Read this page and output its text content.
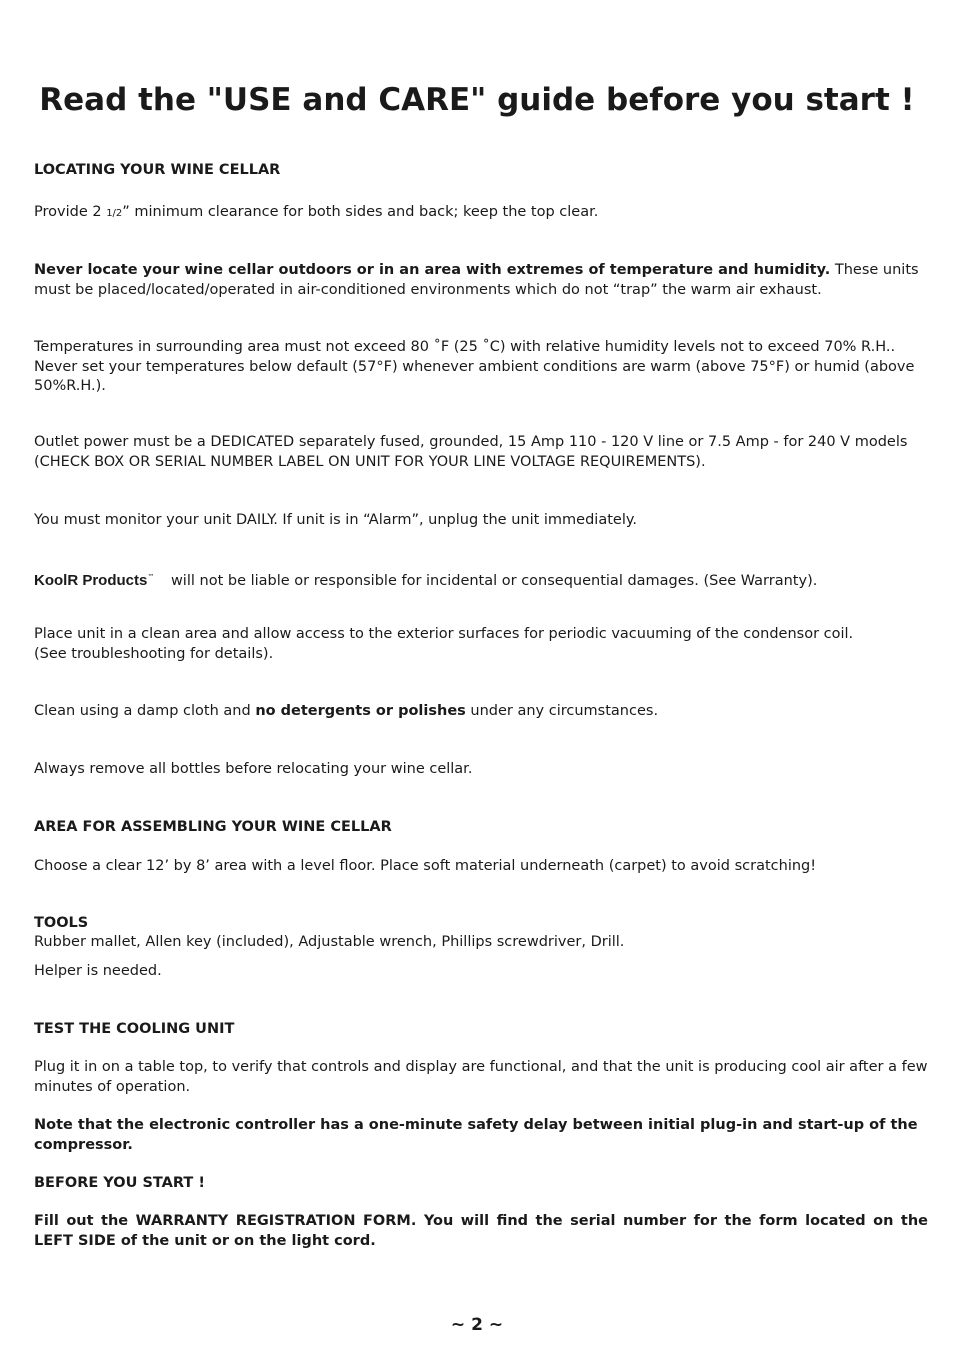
Read the "USE and CARE" guide before you start !

LOCATING YOUR WINE CELLAR

Provide 2 1/2” minimum clearance for both sides and back; keep the top clear.

Never locate your wine cellar outdoors or in an area with extremes of temperature and humidity. These units must be placed/located/operated in air-conditioned environments which do not “trap” the warm air exhaust.

Temperatures in surrounding area must not exceed 80 ˚F (25 ˚C) with relative humidity levels not to exceed 70% R.H..
Never set your temperatures below default (57°F) whenever ambient conditions are warm (above 75°F) or humid (above 50%R.H.).

Outlet power must be a DEDICATED separately fused, grounded, 15 Amp 110 - 120 V line or 7.5 Amp - for 240 V models (CHECK BOX OR SERIAL NUMBER LABEL ON UNIT FOR YOUR LINE VOLTAGE REQUIREMENTS).

You must monitor your unit DAILY. If unit is in “Alarm”, unplug the unit immediately.

KoolR Products™ will not be liable or responsible for incidental or consequential damages. (See Warranty).

Place unit in a clean area and allow access to the exterior surfaces for periodic vacuuming of the condensor coil.
(See troubleshooting for details).

Clean using a damp cloth and no detergents or polishes under any circumstances.

Always remove all bottles before relocating your wine cellar.

AREA FOR ASSEMBLING YOUR WINE CELLAR

Choose a clear 12’ by 8’ area with a level floor. Place soft material underneath (carpet) to avoid scratching!

TOOLS

Rubber mallet, Allen key (included), Adjustable wrench, Phillips screwdriver, Drill.

Helper is needed.

TEST THE COOLING UNIT

Plug it in on a table top, to verify that controls and display are functional, and that the unit is producing cool air after a few minutes of operation.

Note that the electronic controller has a one-minute safety delay between initial plug-in and start-up of the compressor.

BEFORE YOU START !

Fill out the WARRANTY REGISTRATION FORM. You will find the serial number for the form located on the LEFT SIDE of the unit or on the light cord.

~ 2 ~
